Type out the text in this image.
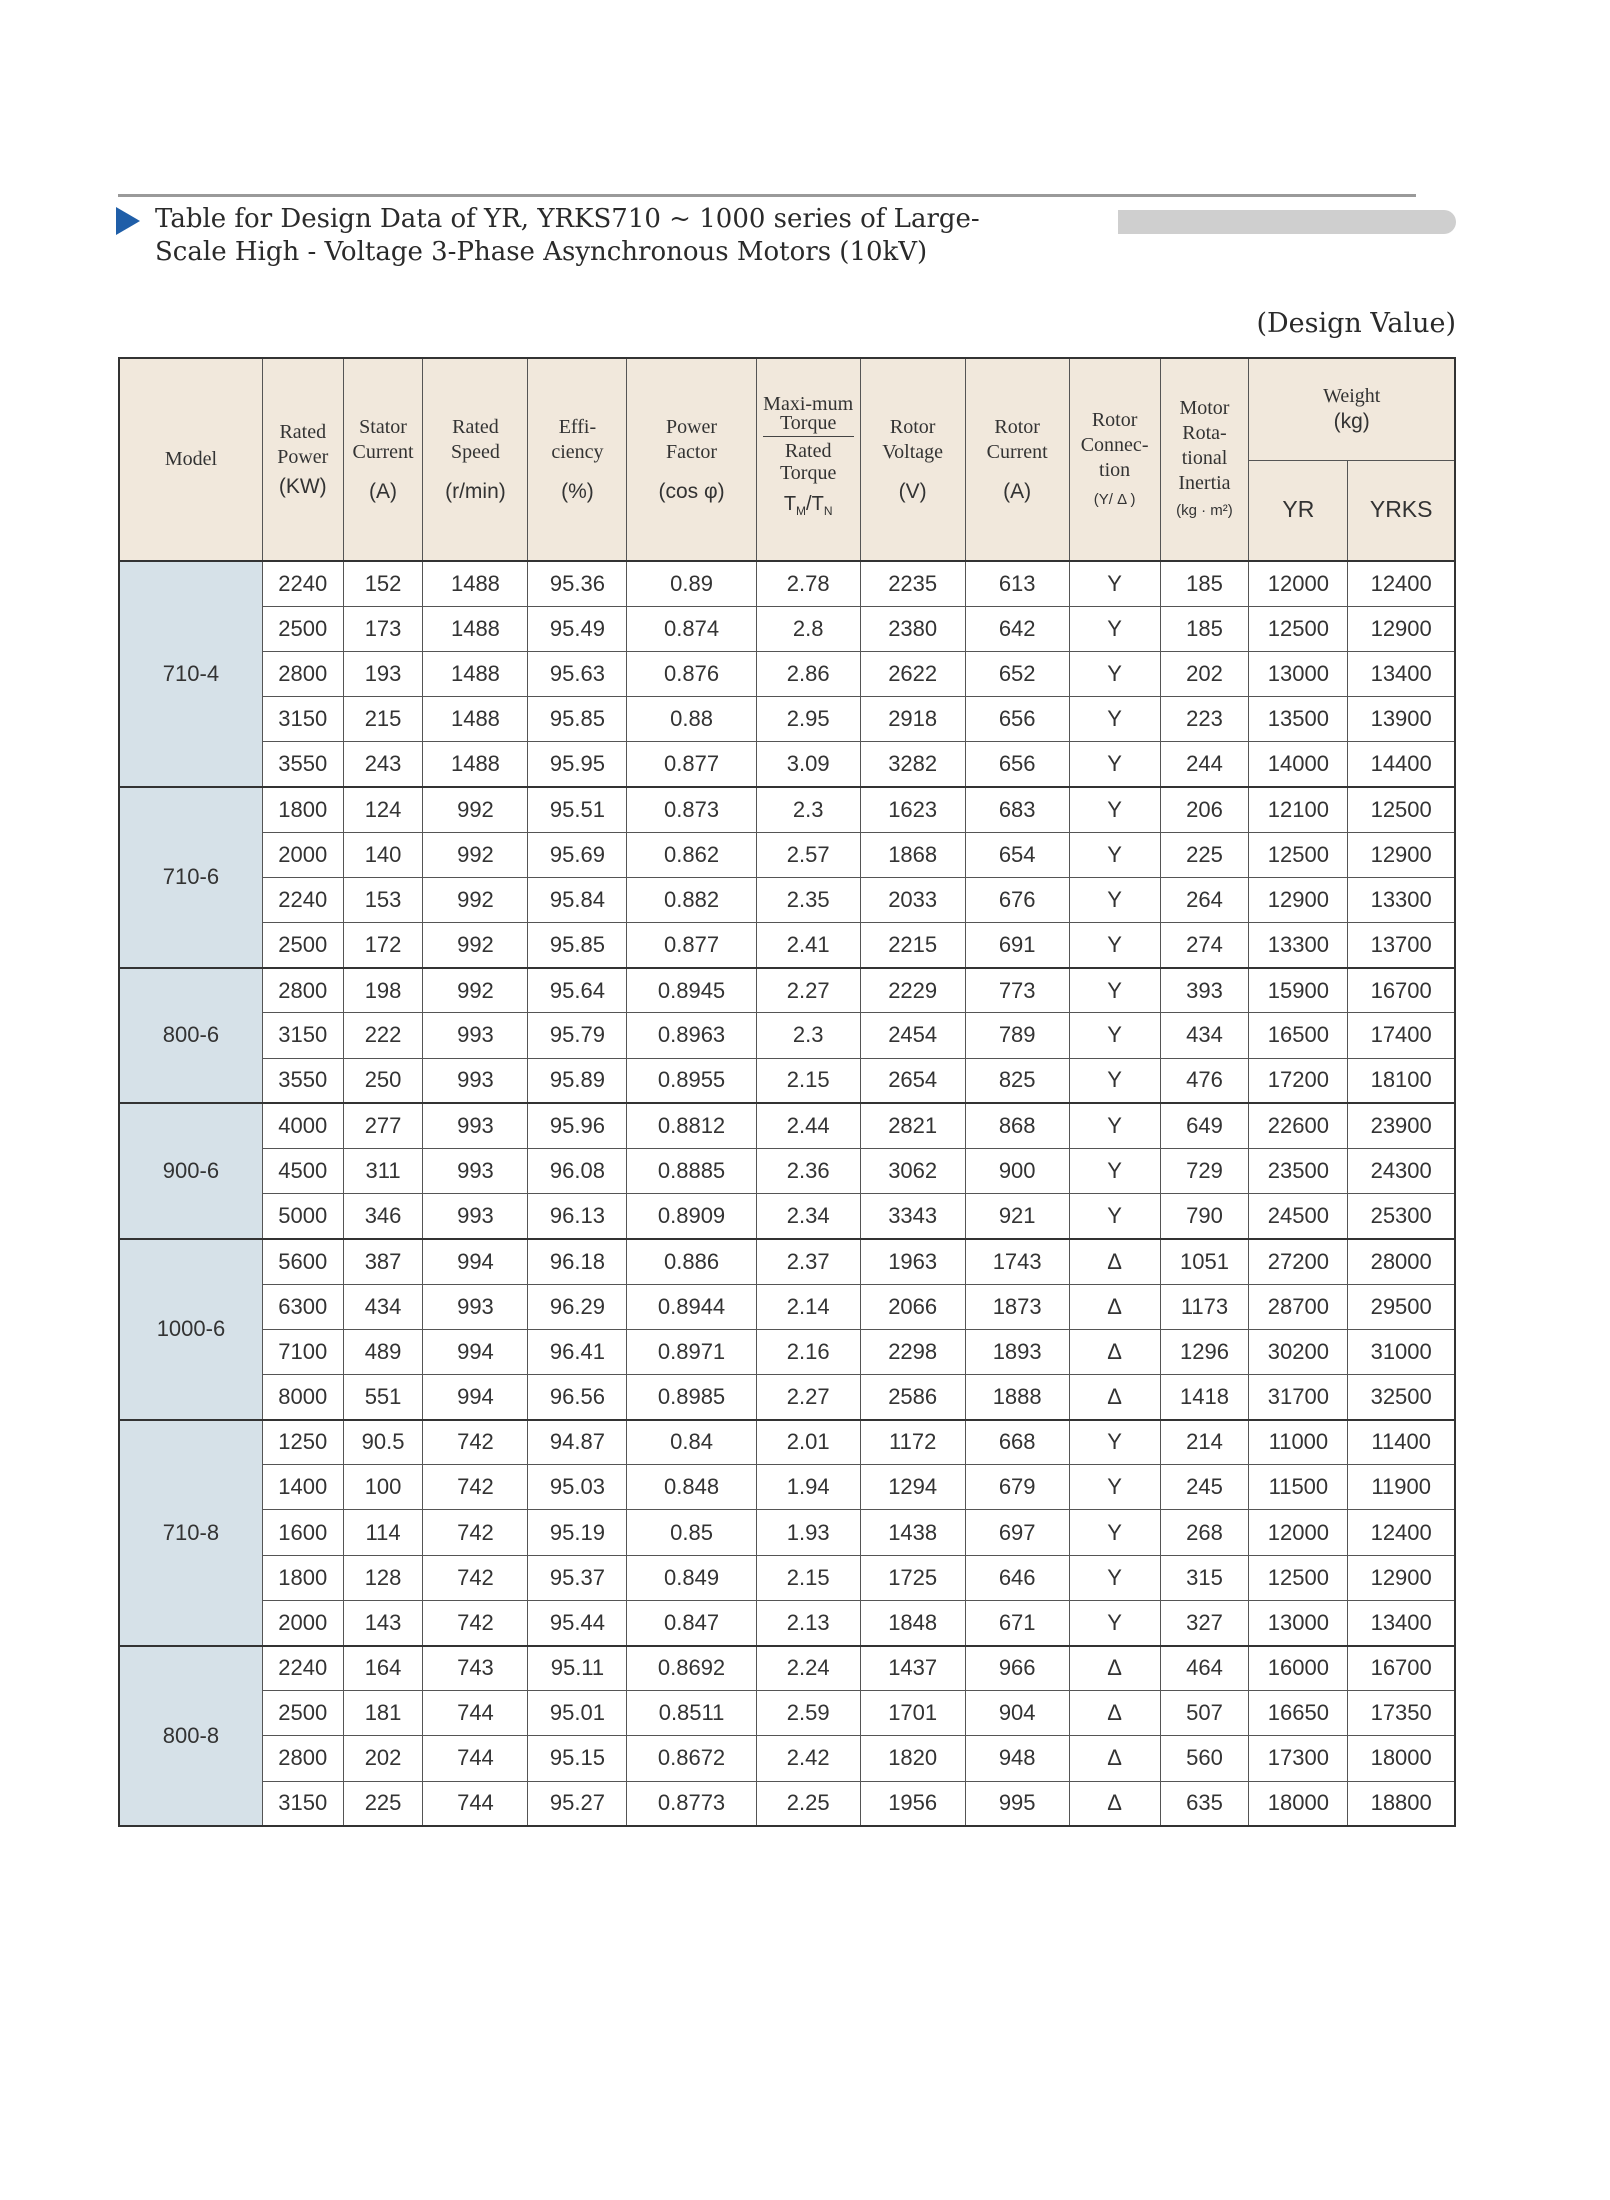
Table for Design Data of YR, YRKS710 ~ 1000 series of Large-
Scale High - Voltage 3-Phase Asynchronous Motors (10kV)
(Design Value)
Model	Rated
Power
(KW)	Stator
Current
(A)	Rated
Speed
(r/min)	Effi-
ciency
(%)	Power
Factor
(cos φ)	Maxi-mum Torque
Rated Torque
$T_M/T_N$	Rotor
Voltage
(V)	Rotor
Current
(A)	Rotor
Connec-
tion
(Y/ Δ )	Motor
Rota-
tional
Inertia
(kg · m²)	Weight
(kg)	

											YR	YRKS
710-4	2240	152	1488	95.36	0.89	2.78	2235	613	Y	185	12000	12400
	2500	173	1488	95.49	0.874	2.8	2380	642	Y	185	12500	12900
	2800	193	1488	95.63	0.876	2.86	2622	652	Y	202	13000	13400
	3150	215	1488	95.85	0.88	2.95	2918	656	Y	223	13500	13900
	3550	243	1488	95.95	0.877	3.09	3282	656	Y	244	14000	14400
710-6	1800	124	992	95.51	0.873	2.3	1623	683	Y	206	12100	12500
	2000	140	992	95.69	0.862	2.57	1868	654	Y	225	12500	12900
	2240	153	992	95.84	0.882	2.35	2033	676	Y	264	12900	13300
	2500	172	992	95.85	0.877	2.41	2215	691	Y	274	13300	13700
800-6	2800	198	992	95.64	0.8945	2.27	2229	773	Y	393	15900	16700
	3150	222	993	95.79	0.8963	2.3	2454	789	Y	434	16500	17400
	3550	250	993	95.89	0.8955	2.15	2654	825	Y	476	17200	18100
900-6	4000	277	993	95.96	0.8812	2.44	2821	868	Y	649	22600	23900
	4500	311	993	96.08	0.8885	2.36	3062	900	Y	729	23500	24300
	5000	346	993	96.13	0.8909	2.34	3343	921	Y	790	24500	25300
1000-6	5600	387	994	96.18	0.886	2.37	1963	1743	Δ	1051	27200	28000
	6300	434	993	96.29	0.8944	2.14	2066	1873	Δ	1173	28700	29500
	7100	489	994	96.41	0.8971	2.16	2298	1893	Δ	1296	30200	31000
	8000	551	994	96.56	0.8985	2.27	2586	1888	Δ	1418	31700	32500
710-8	1250	90.5	742	94.87	0.84	2.01	1172	668	Y	214	11000	11400
	1400	100	742	95.03	0.848	1.94	1294	679	Y	245	11500	11900
	1600	114	742	95.19	0.85	1.93	1438	697	Y	268	12000	12400
	1800	128	742	95.37	0.849	2.15	1725	646	Y	315	12500	12900
	2000	143	742	95.44	0.847	2.13	1848	671	Y	327	13000	13400
800-8	2240	164	743	95.11	0.8692	2.24	1437	966	Δ	464	16000	16700
	2500	181	744	95.01	0.8511	2.59	1701	904	Δ	507	16650	17350
	2800	202	744	95.15	0.8672	2.42	1820	948	Δ	560	17300	18000
	3150	225	744	95.27	0.8773	2.25	1956	995	Δ	635	18000	18800
